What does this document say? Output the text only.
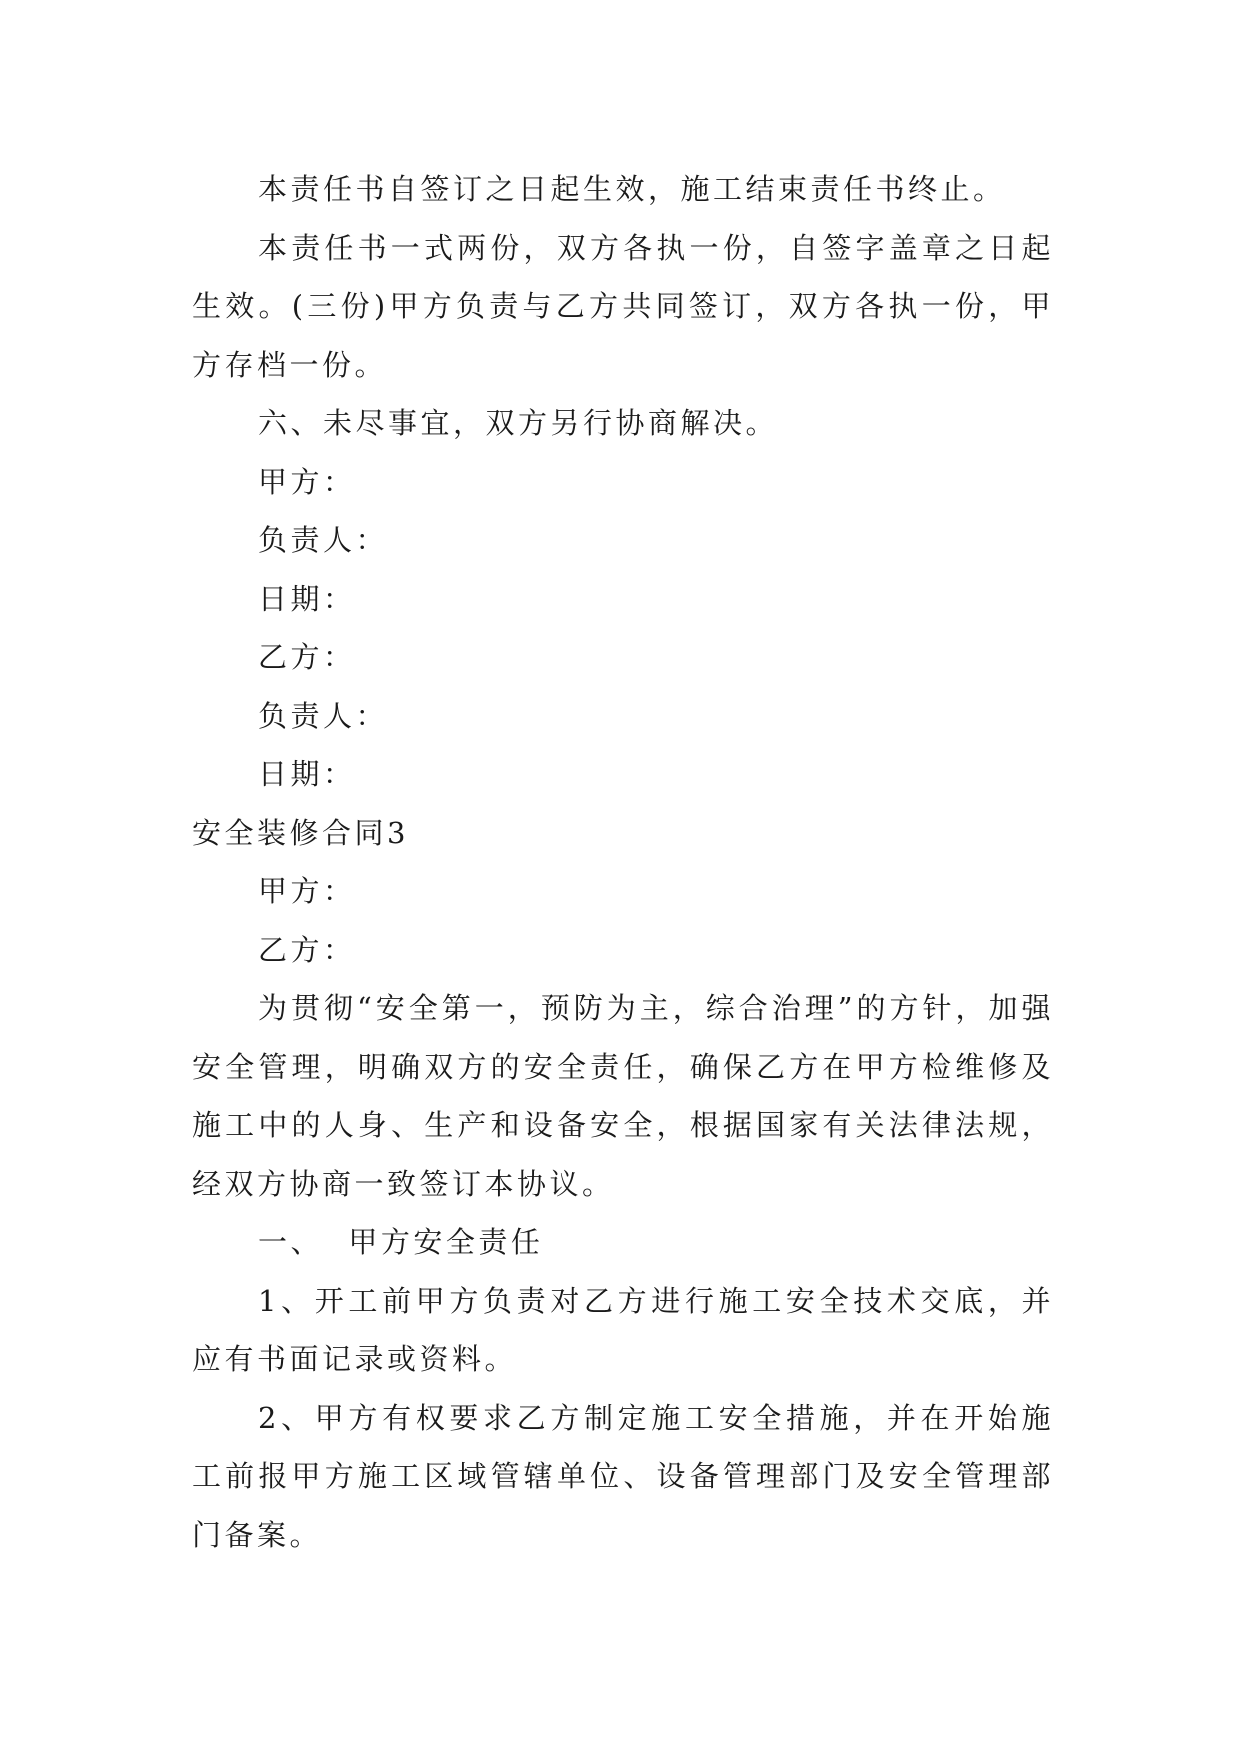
本责任书自签订之日起生效，施工结束责任书终止。

本责任书一式两份，双方各执一份，自签字盖章之日起生效。(三份)甲方负责与乙方共同签订，双方各执一份，甲方存档一份。

六、未尽事宜，双方另行协商解决。

甲方：

负责人：

日期：

乙方：

负责人：

日期：

安全装修合同3

甲方：

乙方：

为贯彻“安全第一，预防为主，综合治理”的方针，加强安全管理，明确双方的安全责任，确保乙方在甲方检维修及施工中的人身、生产和设备安全，根据国家有关法律法规，经双方协商一致签订本协议。

一、  甲方安全责任

1、开工前甲方负责对乙方进行施工安全技术交底，并应有书面记录或资料。

2、甲方有权要求乙方制定施工安全措施，并在开始施工前报甲方施工区域管辖单位、设备管理部门及安全管理部门备案。
